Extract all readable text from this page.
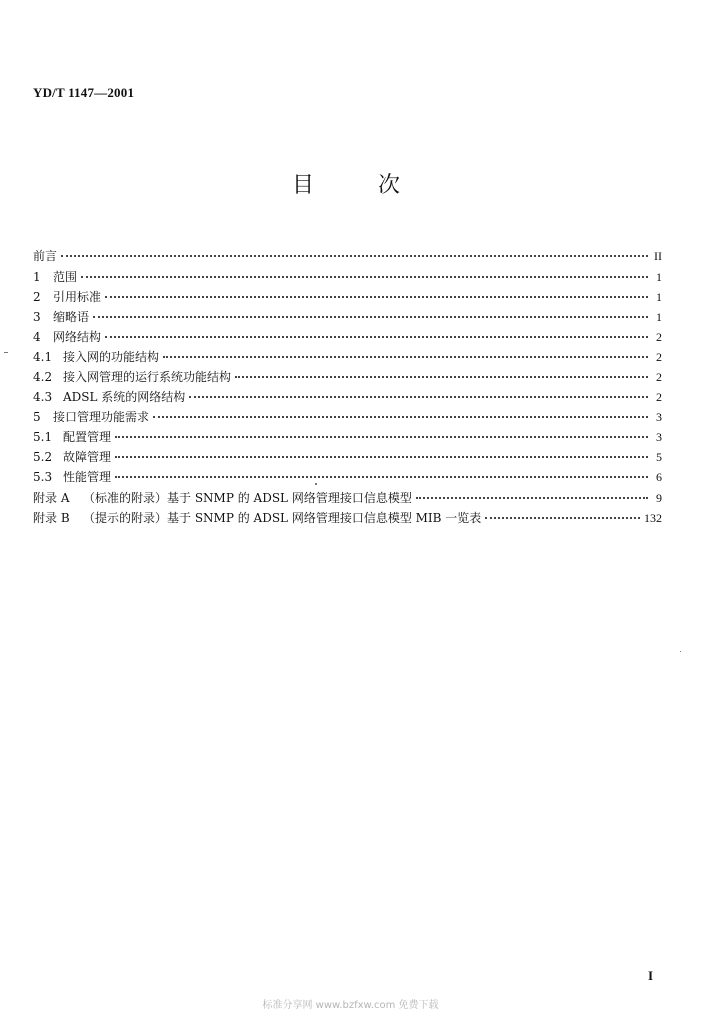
YD/T 1147—2001
目	次
前言	II
1	范围	1
2	引用标准	1
3	缩略语	1
4	网络结构	2
4.1 接入网的功能结构	2
4.2 接入网管理的运行系统功能结构	2
4.3 ADSL 系统的网络结构	2
5	接口管理功能需求	3
5.1 配置管理	3
5.2 故障管理	5
5.3 性能管理	6
附录 A	（标准的附录）基于 SNMP 的 ADSL 网络管理接口信息模型	9
附录 B	（提示的附录）基于 SNMP 的 ADSL 网络管理接口信息模型 MIB 一览表	132
I
标准分享网 www.bzfxw.com 免费下载
